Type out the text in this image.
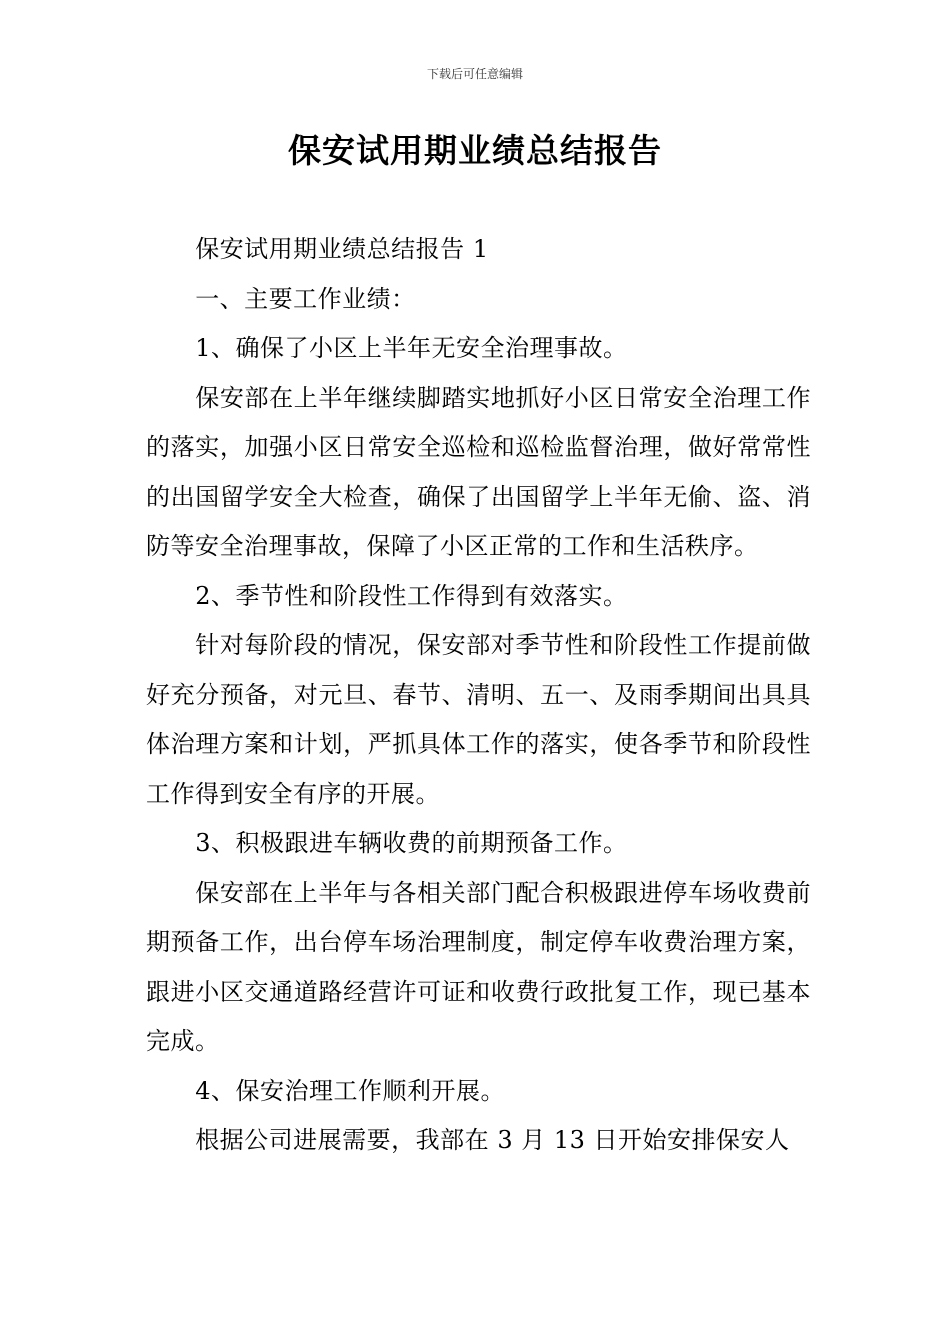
下载后可任意编辑
保安试用期业绩总结报告

保安试用期业绩总结报告 1

一、主要工作业绩：

1、确保了小区上半年无安全治理事故。

保安部在上半年继续脚踏实地抓好小区日常安全治理工作的落实，加强小区日常安全巡检和巡检监督治理，做好常常性的出国留学安全大检查，确保了出国留学上半年无偷、盗、消防等安全治理事故，保障了小区正常的工作和生活秩序。

2、季节性和阶段性工作得到有效落实。

针对每阶段的情况，保安部对季节性和阶段性工作提前做好充分预备，对元旦、春节、清明、五一、及雨季期间出具具体治理方案和计划，严抓具体工作的落实，使各季节和阶段性工作得到安全有序的开展。

3、积极跟进车辆收费的前期预备工作。

保安部在上半年与各相关部门配合积极跟进停车场收费前期预备工作，出台停车场治理制度，制定停车收费治理方案，跟进小区交通道路经营许可证和收费行政批复工作，现已基本完成。

4、保安治理工作顺利开展。

根据公司进展需要，我部在 3 月 13 日开始安排保安人
